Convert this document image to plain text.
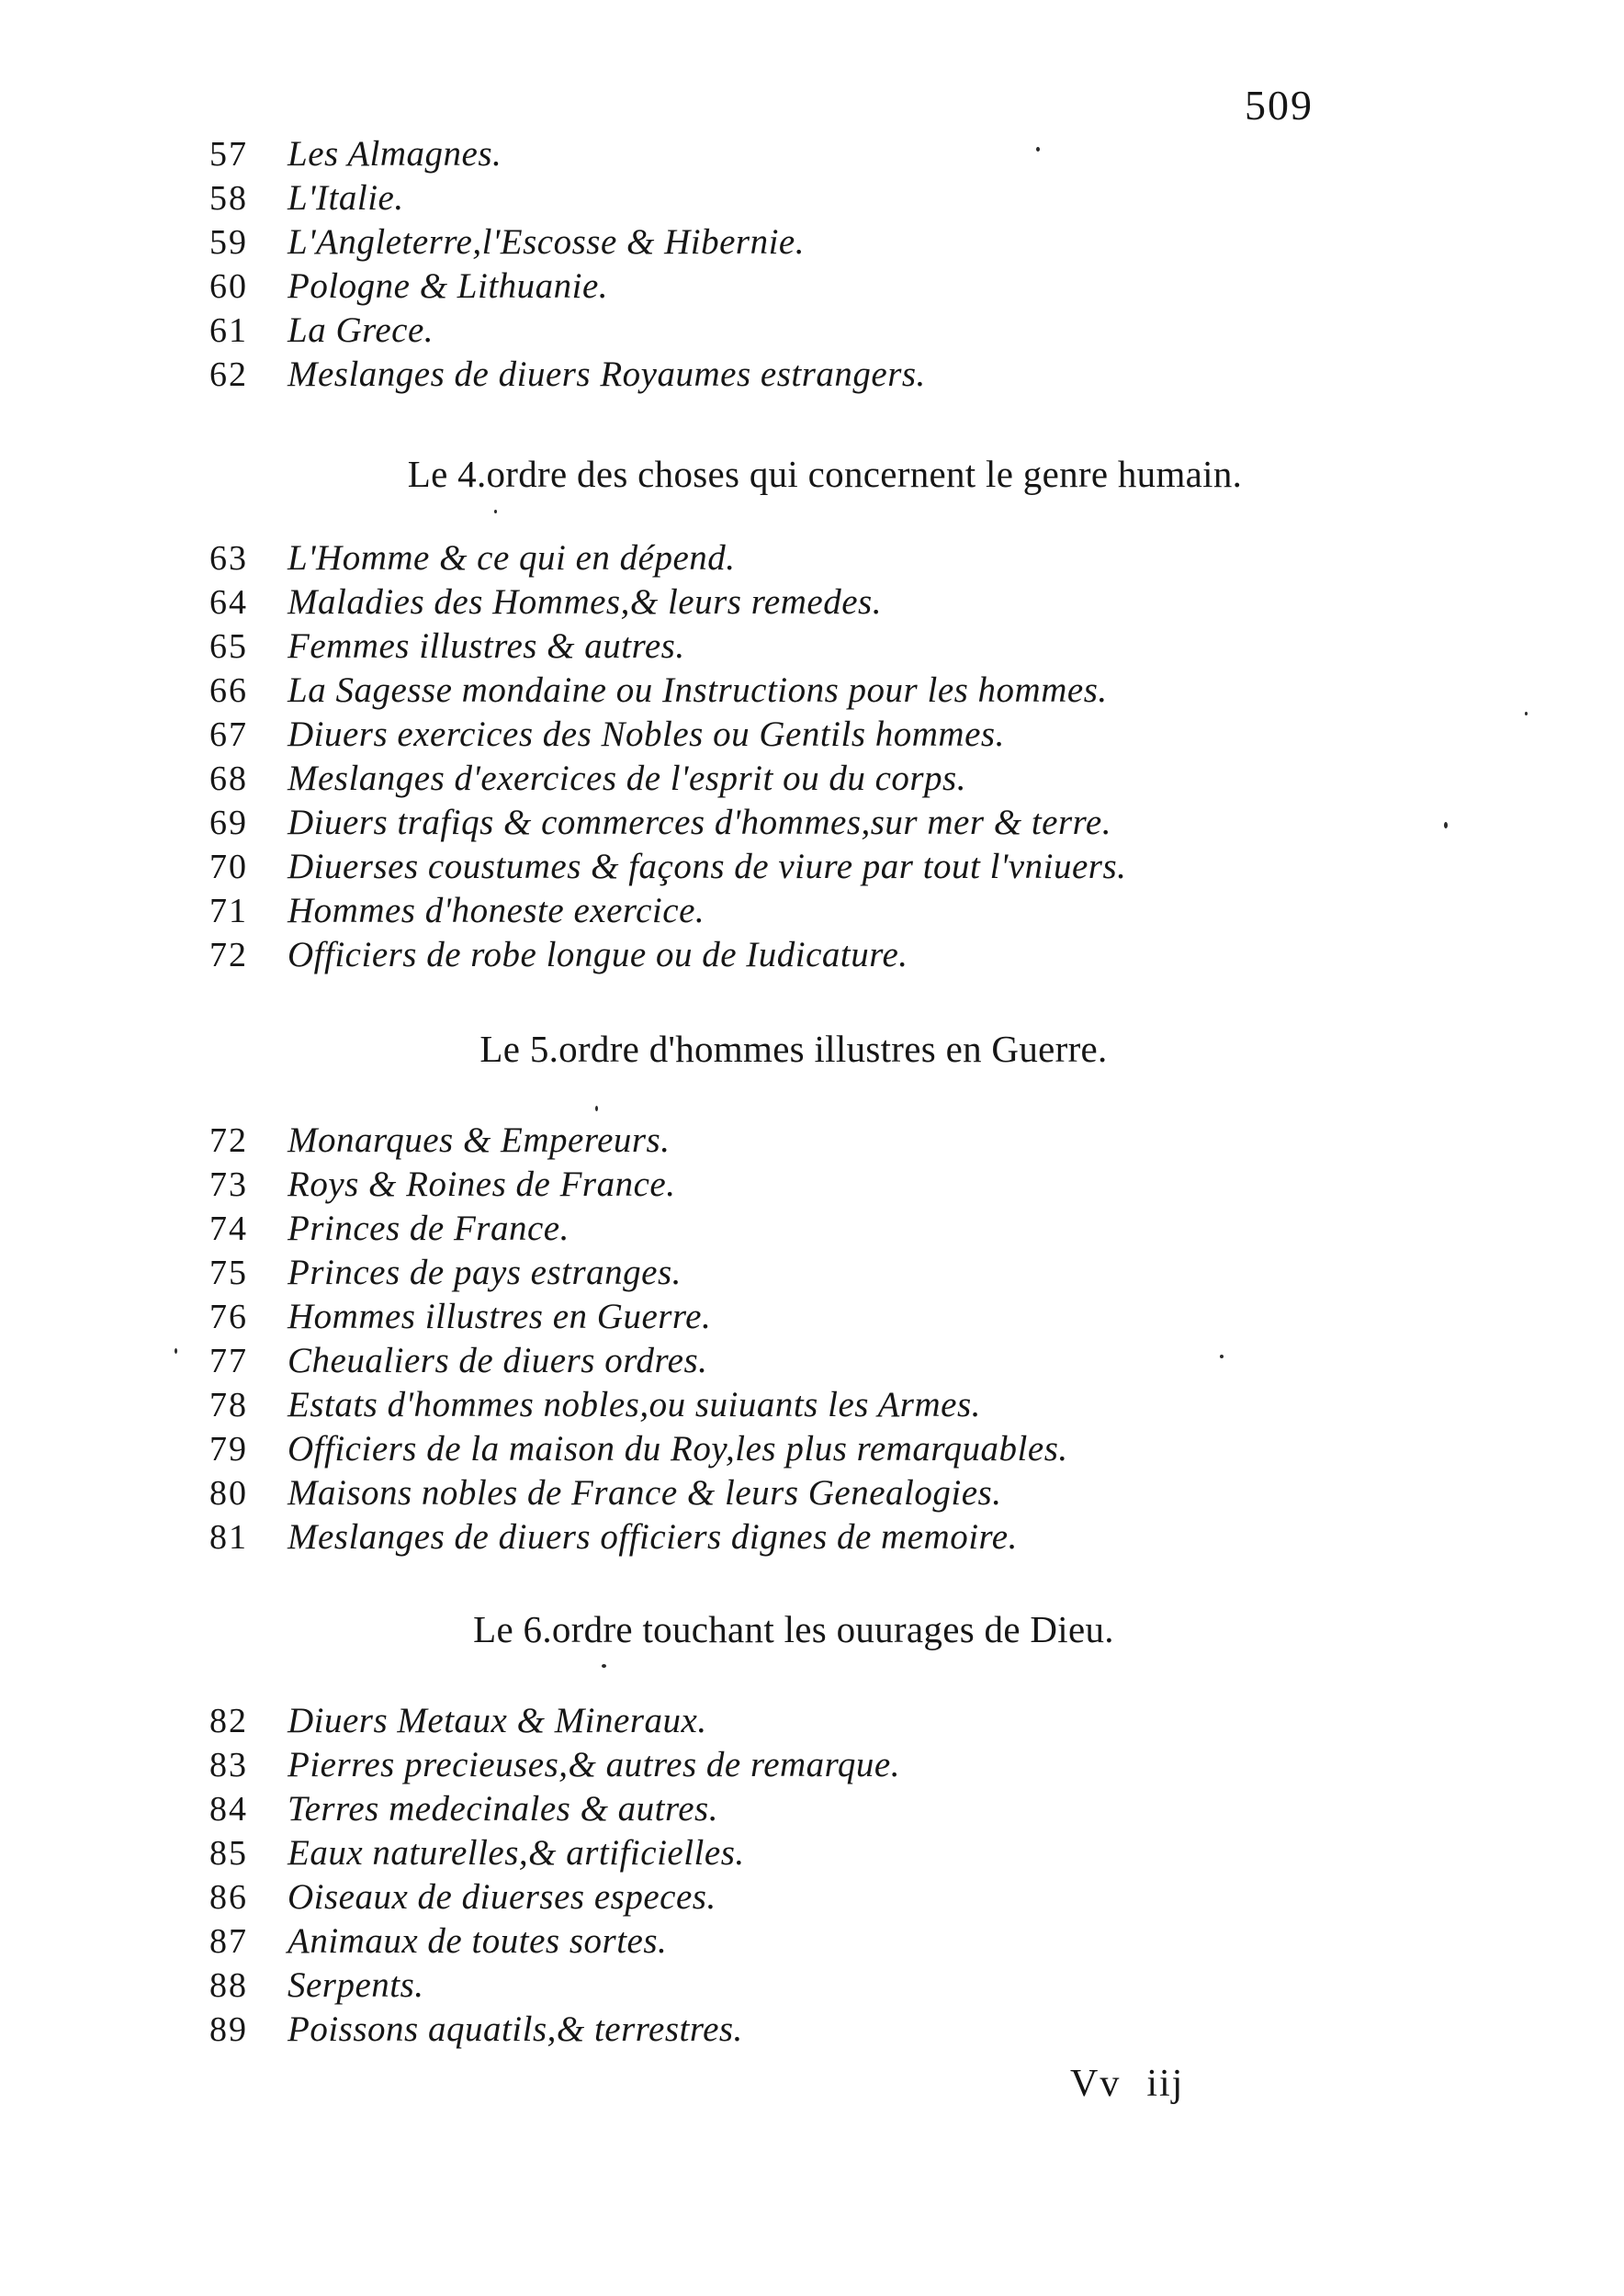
509
57	Les Almagnes.
58	L'Italie.
59	L'Angleterre,l'Escosse & Hibernie.
60	Pologne & Lithuanie.
61	La Grece.
62	Meslanges de diuers Royaumes estrangers.
Le 4.ordre des choses qui concernent le genre humain.
63	L'Homme & ce qui en dépend.
64	Maladies des Hommes,& leurs remedes.
65	Femmes illustres & autres.
66	La Sagesse mondaine ou Instructions pour les hommes.
67	Diuers exercices des Nobles ou Gentils hommes.
68	Meslanges d'exercices de l'esprit ou du corps.
69	Diuers trafiqs & commerces d'hommes,sur mer & terre.
70	Diuerses coustumes & façons de viure par tout l'vniuers.
71	Hommes d'honeste exercice.
72	Officiers de robe longue ou de Iudicature.
Le 5.ordre d'hommes illustres en Guerre.
72	Monarques & Empereurs.
73	Roys & Roines de France.
74	Princes de France.
75	Princes de pays estranges.
76	Hommes illustres en Guerre.
77	Cheualiers de diuers ordres.
78	Estats d'hommes nobles,ou suiuants les Armes.
79	Officiers de la maison du Roy,les plus remarquables.
80	Maisons nobles de France & leurs Genealogies.
81	Meslanges de diuers officiers dignes de memoire.
Le 6.ordre touchant les ouurages de Dieu.
82	Diuers Metaux & Mineraux.
83	Pierres precieuses,& autres de remarque.
84	Terres medecinales & autres.
85	Eaux naturelles,& artificielles.
86	Oiseaux de diuerses especes.
87	Animaux de toutes sortes.
88	Serpents.
89	Poissons aquatils,& terrestres.
Vv iij
